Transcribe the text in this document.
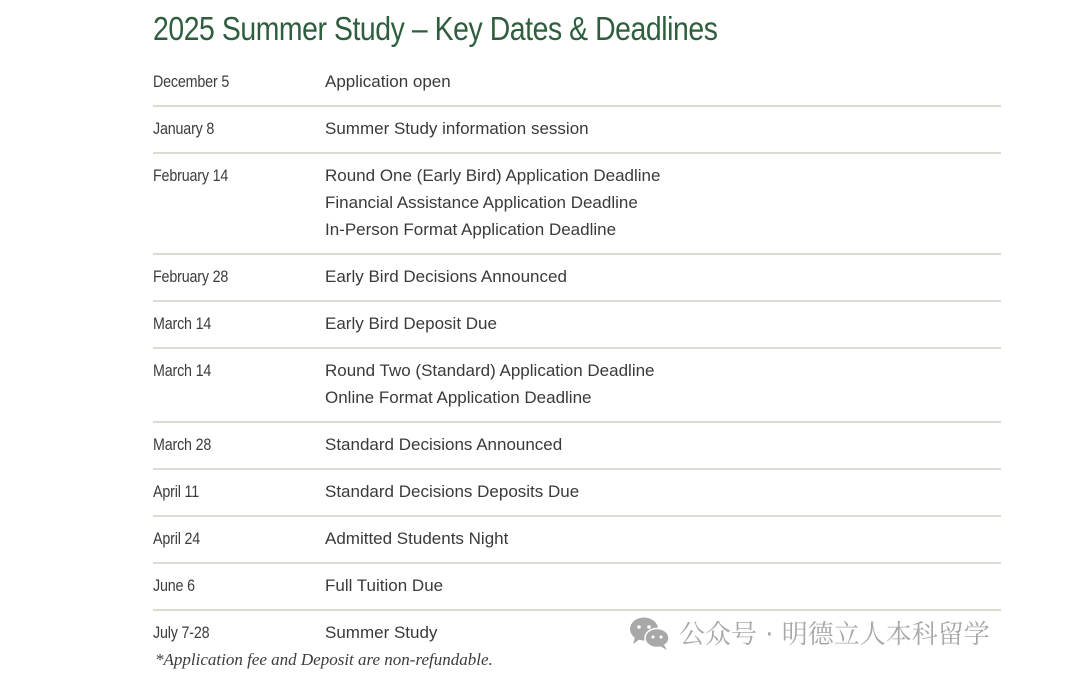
2025 Summer Study – Key Dates & Deadlines
December 5	Application open
January 8	Summer Study information session
February 14	Round One (Early Bird) Application Deadline
Financial Assistance Application Deadline
In-Person Format Application Deadline
February 28	Early Bird Decisions Announced
March 14	Early Bird Deposit Due
March 14	Round Two (Standard) Application Deadline
Online Format Application Deadline
March 28	Standard Decisions Announced
April 11	Standard Decisions Deposits Due
April 24	Admitted Students Night
June 6	Full Tuition Due
July 7-28	Summer Study
*Application fee and Deposit are non-refundable.
公众号 · 明德立人本科留学
